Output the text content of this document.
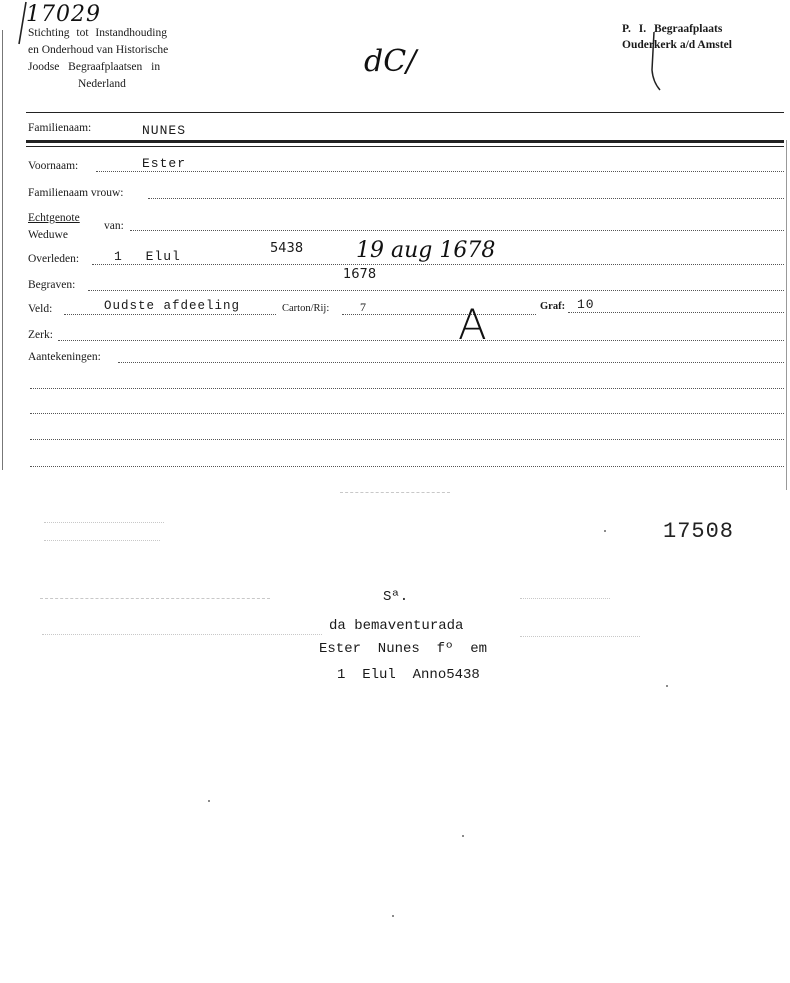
17029
Stichting tot Instandhouding
en Onderhoud van Historische
Joodse Begraafplaatsen in
Nederland
P. I. Begraafplaats
Ouderkerk a/d Amstel
dC/
Familienaam:	NUNES
Voornaam:	Ester
Familienaam vrouw:
Echtgenote
Weduwe
van:
Overleden:	1 Elul
5438 19 aug 1678
Begraven:
1678
Veld:	Oudste afdeeling	Carton/Rij:	7	Graf: 10
A
Zerk:
Aantekeningen:
17508
Sª.
da bemaventurada
Ester  Nunes  fº  em
1  Elul  Anno5438
